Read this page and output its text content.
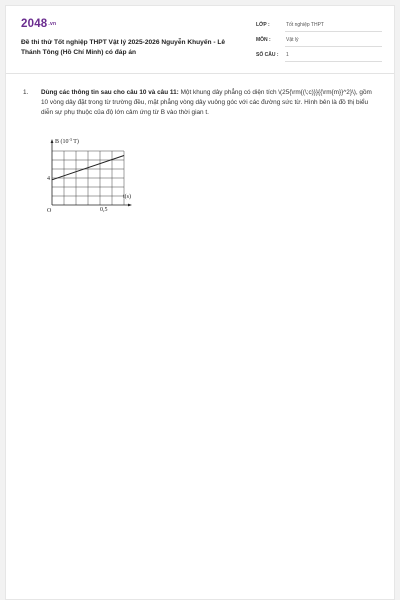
2048.vn
Đề thi thử Tốt nghiệp THPT Vật lý 2025-2026 Nguyễn Khuyến - Lê Thánh Tông (Hồ Chí Minh) có đáp án
LỚP :	Tốt nghiệp THPT
MÔN :	Vật lý
SỐ CÂU : 1
1. Dùng các thông tin sau cho câu 10 và câu 11: Một khung dây phẳng có diện tích \(25{\rm{(\;c)}}{{\rm{m}}^2}\), gồm 10 vòng dây đặt trong từ trường đều, mặt phẳng vòng dây vuông góc với các đường sức từ. Hình bên là đồ thị biểu diễn sự phụ thuộc của độ lớn cảm ứng từ B vào thời gian t.
B ($10^{-3}$ T)
t(s)
O
4
0,5
